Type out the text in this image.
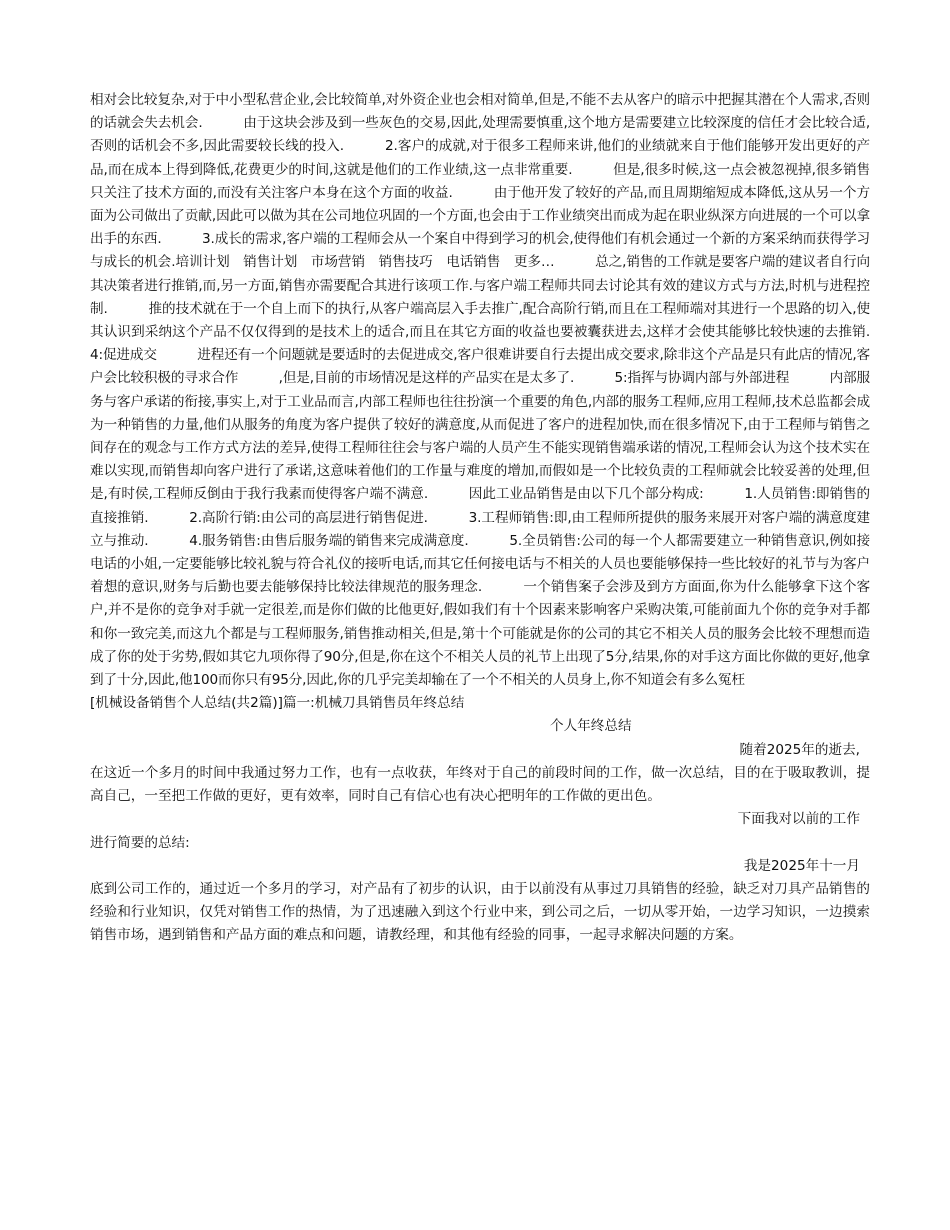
相对会比较复杂,对于中小型私营企业,会比较简单,对外资企业也会相对简单,但是,不能不去从客户的暗示中把握其潜在个人需求,否则的话就会失去机会.　　　由于这块会涉及到一些灰色的交易,因此,处理需要慎重,这个地方是需要建立比较深度的信任才会比较合适,否则的话机会不多,因此需要较长线的投入.　　　2.客户的成就,对于很多工程师来讲,他们的业绩就来自于他们能够开发出更好的产品,而在成本上得到降低,花费更少的时间,这就是他们的工作业绩,这一点非常重要.　　　但是,很多时候,这一点会被忽视掉,很多销售只关注了技术方面的,而没有关注客户本身在这个方面的收益.　　　由于他开发了较好的产品,而且周期缩短成本降低,这从另一个方面为公司做出了贡献,因此可以做为其在公司地位巩固的一个方面,也会由于工作业绩突出而成为起在职业纵深方向进展的一个可以拿出手的东西.　　　3.成长的需求,客户端的工程师会从一个案自中得到学习的机会,使得他们有机会通过一个新的方案采纳而获得学习与成长的机会.培训计划　销售计划　市场营销　销售技巧　电话销售　更多…　　　总之,销售的工作就是要客户端的建议者自行向其决策者进行推销,而,另一方面,销售亦需要配合其进行该项工作.与客户端工程师共同去讨论其有效的建议方式与方法,时机与进程控制.　　　推的技术就在于一个自上而下的执行,从客户端高层入手去推广,配合高阶行销,而且在工程师端对其进行一个思路的切入,使其认识到采纳这个产品不仅仅得到的是技术上的适合,而且在其它方面的收益也要被囊获进去,这样才会使其能够比较快速的去推销.　　　4:促进成交　　　进程还有一个问题就是要适时的去促进成交,客户很难讲要自行去提出成交要求,除非这个产品是只有此店的情况,客户会比较积极的寻求合作　　　,但是,目前的市场情况是这样的产品实在是太多了.　　　5:指挥与协调内部与外部进程　　　内部服务与客户承诺的衔接,事实上,对于工业品而言,内部工程师也往往扮演一个重要的角色,内部的服务工程师,应用工程师,技术总监都会成为一种销售的力量,他们从服务的角度为客户提供了较好的满意度,从而促进了客户的进程加快,而在很多情况下,由于工程师与销售之间存在的观念与工作方式方法的差异,使得工程师往往会与客户端的人员产生不能实现销售端承诺的情况,工程师会认为这个技术实在难以实现,而销售却向客户进行了承诺,这意味着他们的工作量与难度的增加,而假如是一个比较负责的工程师就会比较妥善的处理,但是,有时侯,工程师反倒由于我行我素而使得客户端不满意.　　　因此工业品销售是由以下几个部分构成:　　　1.人员销售:即销售的直接推销.　　　2.高阶行销:由公司的高层进行销售促进.　　　3.工程师销售:即,由工程师所提供的服务来展开对客户端的满意度建立与推动.　　　4.服务销售:由售后服务端的销售来完成满意度.　　　5.全员销售:公司的每一个人都需要建立一种销售意识,例如接电话的小姐,一定要能够比较礼貌与符合礼仪的接听电话,而其它任何接电话与不相关的人员也要能够保持一些比较好的礼节与为客户着想的意识,财务与后勤也要去能够保持比较法律规范的服务理念.　　　一个销售案子会涉及到方方面面,你为什么能够拿下这个客户,并不是你的竞争对手就一定很差,而是你们做的比他更好,假如我们有十个因素来影响客户采购决策,可能前面九个你的竞争对手都和你一致完美,而这九个都是与工程师服务,销售推动相关,但是,第十个可能就是你的公司的其它不相关人员的服务会比较不理想而造成了你的处于劣势,假如其它九项你得了90分,但是,你在这个不相关人员的礼节上出现了5分,结果,你的对手这方面比你做的更好,他拿到了十分,因此,他100而你只有95分,因此,你的几乎完美却输在了一个不相关的人员身上,你不知道会有多么冤枉

[机械设备销售个人总结(共2篇)]篇一:机械刀具销售员年终总结

个人年终总结

随着2025年的逝去,
在这近一个多月的时间中我通过努力工作，也有一点收获，年终对于自己的前段时间的工作，做一次总结，目的在于吸取教训，提高自己，一至把工作做的更好，更有效率，同时自己有信心也有决心把明年的工作做的更出色。
下面我对以前的工作
进行简要的总结:
我是2025年十一月
底到公司工作的，通过近一个多月的学习，对产品有了初步的认识，由于以前没有从事过刀具销售的经验，缺乏对刀具产品销售的经验和行业知识，仅凭对销售工作的热情，为了迅速融入到这个行业中来，到公司之后，一切从零开始，一边学习知识，一边摸索销售市场，遇到销售和产品方面的难点和问题，请教经理，和其他有经验的同事，一起寻求解决问题的方案。
